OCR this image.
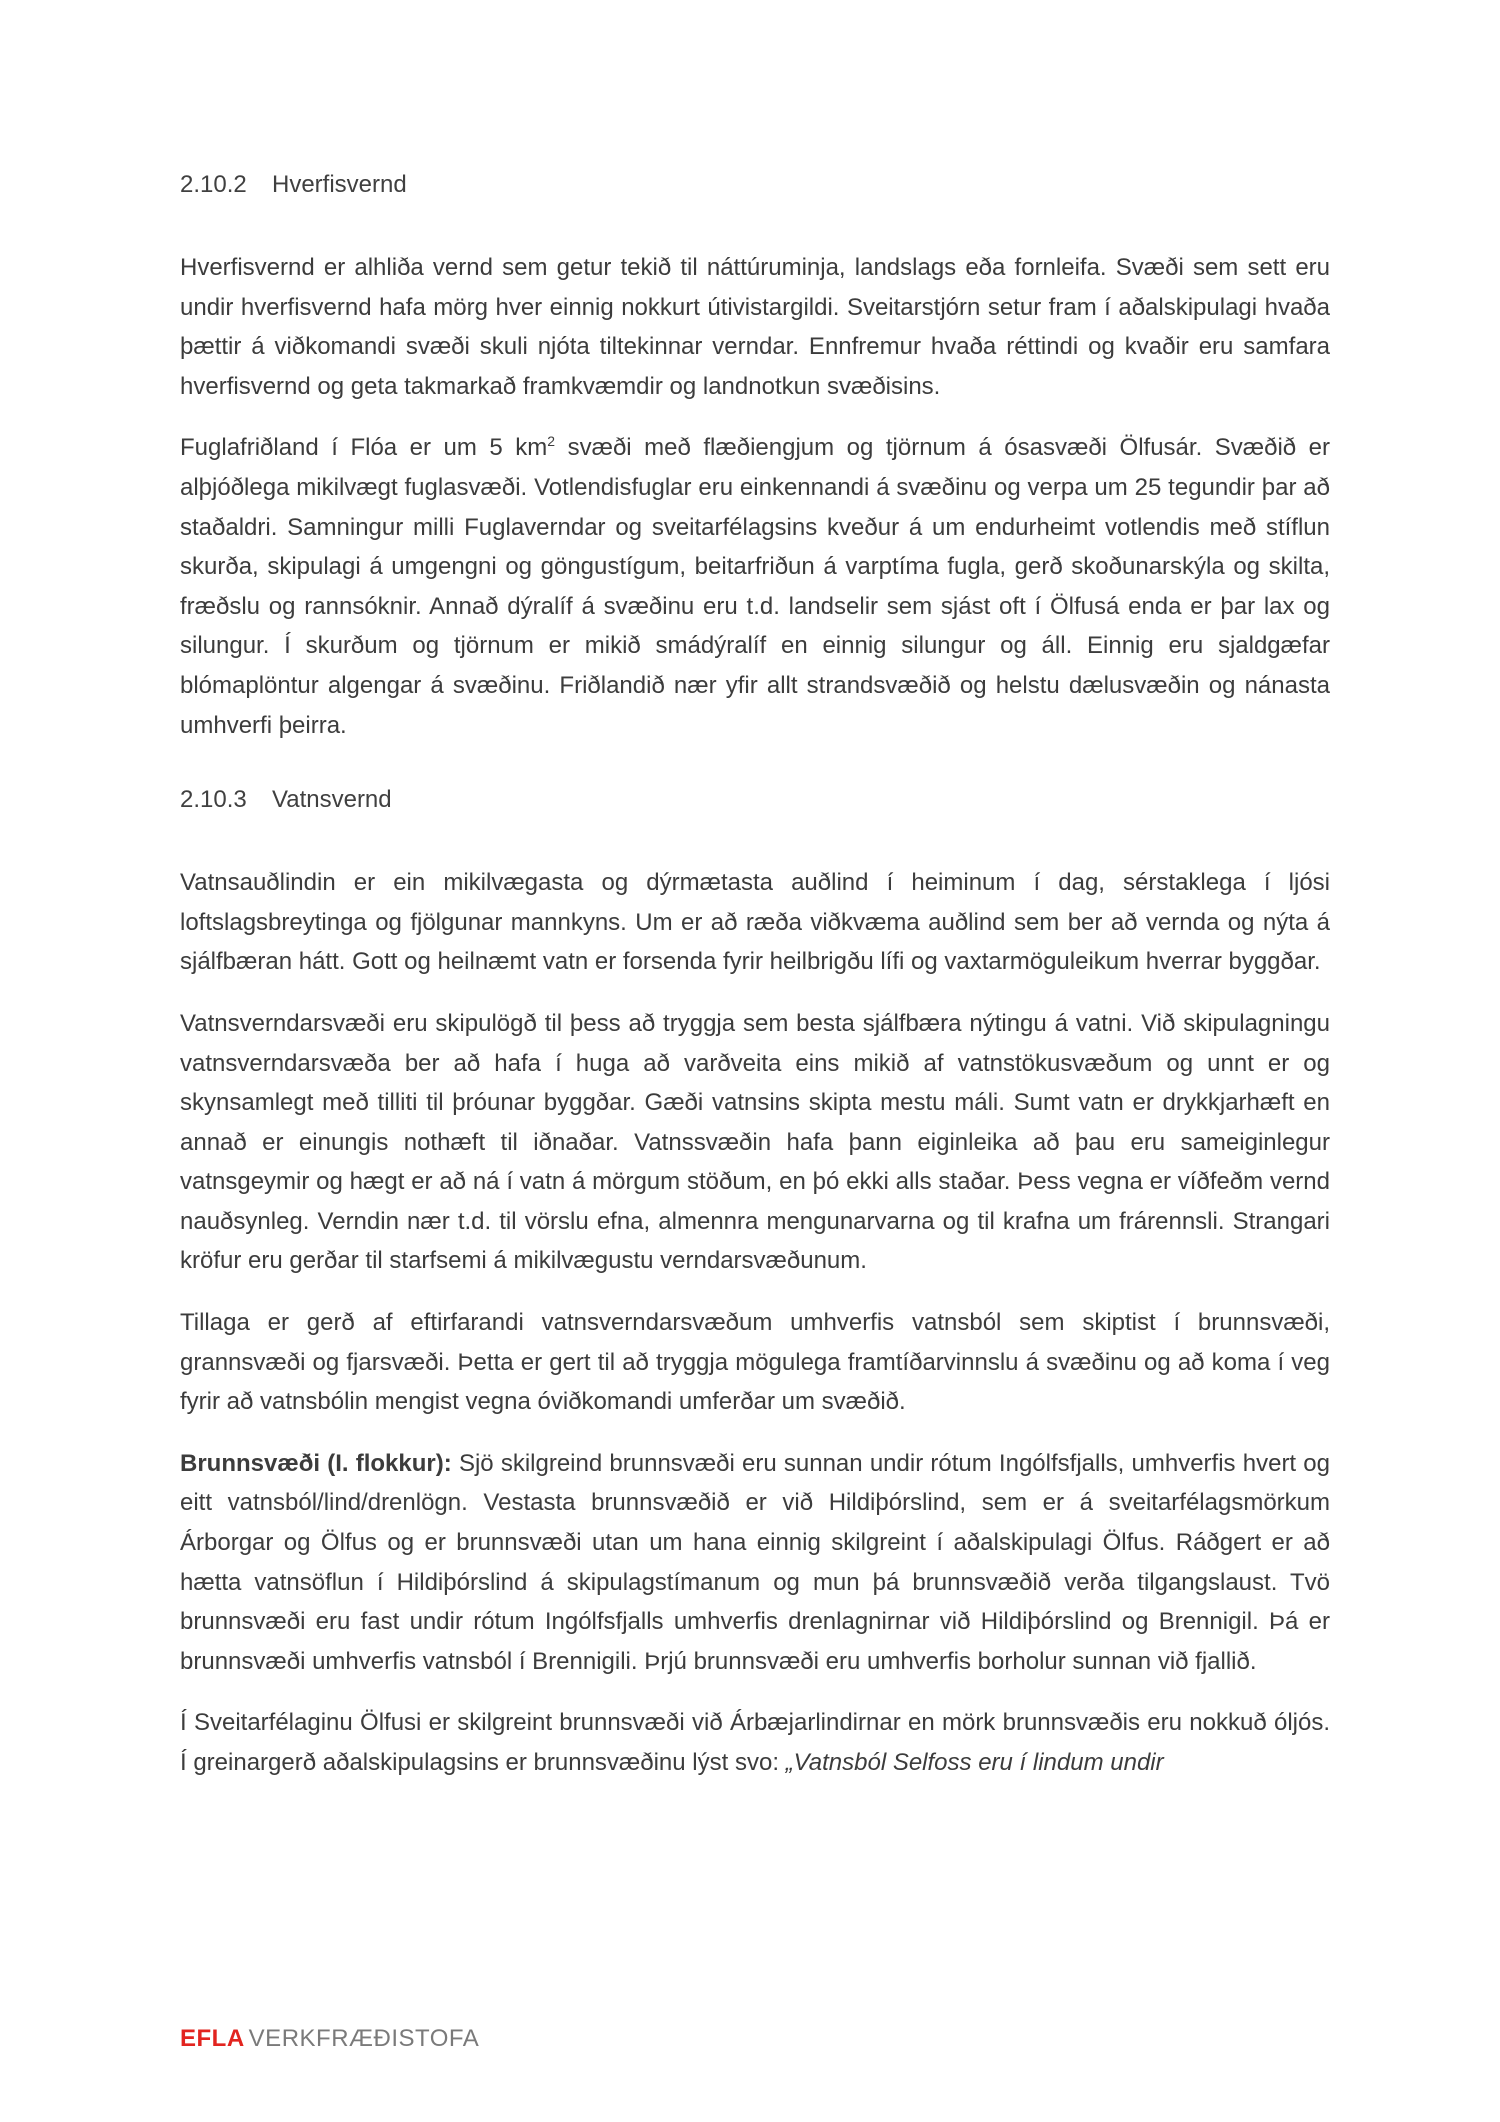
2.10.2 Hverfisvernd

Hverfisvernd er alhliða vernd sem getur tekið til náttúruminja, landslags eða fornleifa. Svæði sem sett eru undir hverfisvernd hafa mörg hver einnig nokkurt útivistargildi. Sveitarstjórn setur fram í aðalskipulagi hvaða þættir á viðkomandi svæði skuli njóta tiltekinnar verndar. Ennfremur hvaða réttindi og kvaðir eru samfara hverfisvernd og geta takmarkað framkvæmdir og landnotkun svæðisins.

Fuglafriðland í Flóa er um 5 $km^2$ svæði með flæðiengjum og tjörnum á ósasvæði Ölfusár. Svæðið er alþjóðlega mikilvægt fuglasvæði. Votlendisfuglar eru einkennandi á svæðinu og verpa um 25 tegundir þar að staðaldri. Samningur milli Fuglaverndar og sveitarfélagsins kveður á um endurheimt votlendis með stíflun skurða, skipulagi á umgengni og göngustígum, beitarfriðun á varptíma fugla, gerð skoðunarskýla og skilta, fræðslu og rannsóknir. Annað dýralíf á svæðinu eru t.d. landselir sem sjást oft í Ölfusá enda er þar lax og silungur. Í skurðum og tjörnum er mikið smádýralíf en einnig silungur og áll. Einnig eru sjaldgæfar blómaplöntur algengar á svæðinu. Friðlandið nær yfir allt strandsvæðið og helstu dælusvæðin og nánasta umhverfi þeirra.

2.10.3 Vatnsvernd

Vatnsauðlindin er ein mikilvægasta og dýrmætasta auðlind í heiminum í dag, sérstaklega í ljósi loftslagsbreytinga og fjölgunar mannkyns. Um er að ræða viðkvæma auðlind sem ber að vernda og nýta á sjálfbæran hátt. Gott og heilnæmt vatn er forsenda fyrir heilbrigðu lífi og vaxtarmöguleikum hverrar byggðar.

Vatnsverndarsvæði eru skipulögð til þess að tryggja sem besta sjálfbæra nýtingu á vatni. Við skipulagningu vatnsverndarsvæða ber að hafa í huga að varðveita eins mikið af vatnstökusvæðum og unnt er og skynsamlegt með tilliti til þróunar byggðar. Gæði vatnsins skipta mestu máli. Sumt vatn er drykkjarhæft en annað er einungis nothæft til iðnaðar. Vatnssvæðin hafa þann eiginleika að þau eru sameiginlegur vatnsgeymir og hægt er að ná í vatn á mörgum stöðum, en þó ekki alls staðar. Þess vegna er víðfeðm vernd nauðsynleg. Verndin nær t.d. til vörslu efna, almennra mengunarvarna og til krafna um frárennsli. Strangari kröfur eru gerðar til starfsemi á mikilvægustu verndarsvæðunum.

Tillaga er gerð af eftirfarandi vatnsverndarsvæðum umhverfis vatnsból sem skiptist í brunnsvæði, grannsvæði og fjarsvæði. Þetta er gert til að tryggja mögulega framtíðarvinnslu á svæðinu og að koma í veg fyrir að vatnsbólin mengist vegna óviðkomandi umferðar um svæðið.

Brunnsvæði (I. flokkur): Sjö skilgreind brunnsvæði eru sunnan undir rótum Ingólfsfjalls, umhverfis hvert og eitt vatnsból/lind/drenlögn. Vestasta brunnsvæðið er við Hildiþórslind, sem er á sveitarfélagsmörkum Árborgar og Ölfus og er brunnsvæði utan um hana einnig skilgreint í aðalskipulagi Ölfus. Ráðgert er að hætta vatnsöflun í Hildiþórslind á skipulagstímanum og mun þá brunnsvæðið verða tilgangslaust. Tvö brunnsvæði eru fast undir rótum Ingólfsfjalls umhverfis drenlagnirnar við Hildiþórslind og Brennigil. Þá er brunnsvæði umhverfis vatnsból í Brennigili. Þrjú brunnsvæði eru umhverfis borholur sunnan við fjallið.

Í Sveitarfélaginu Ölfusi er skilgreint brunnsvæði við Árbæjarlindirnar en mörk brunnsvæðis eru nokkuð óljós. Í greinargerð aðalskipulagsins er brunnsvæðinu lýst svo: „Vatnsból Selfoss eru í lindum undir

EFLA VERKFRÆÐISTOFA
